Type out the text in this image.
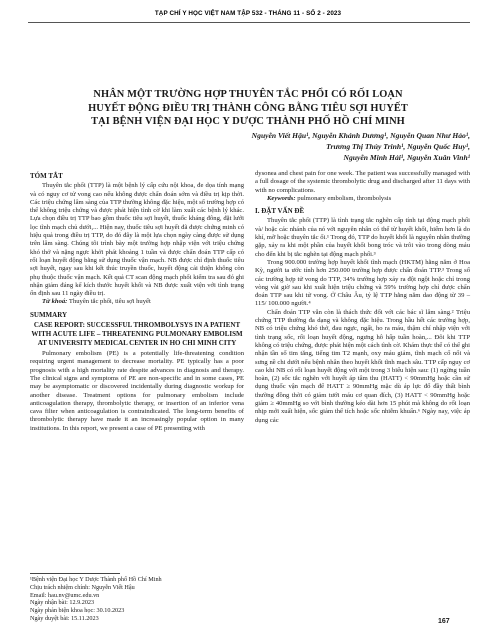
TẠP CHÍ Y HỌC VIỆT NAM TẬP 532 - THÁNG 11 - SỐ 2 - 2023
NHÂN MỘT TRƯỜNG HỢP THUYÊN TẮC PHỔI CÓ RỐI LOẠN
HUYẾT ĐỘNG ĐIỀU TRỊ THÀNH CÔNG BẰNG TIÊU SỢI HUYẾT
TẠI BỆNH VIỆN ĐẠI HỌC Y DƯỢC THÀNH PHỐ HỒ CHÍ MINH
Nguyễn Viết Hậu¹, Nguyễn Khánh Dương¹, Nguyễn Quan Như Hảo¹,
Trương Thị Thúy Trinh¹, Nguyễn Quốc Huy¹,
Nguyễn Minh Hải¹, Nguyễn Xuân Vinh¹
TÓM TẮT

Thuyên tắc phổi (TTP) là một bệnh lý cấp cứu nội khoa, đe dọa tính mạng và có nguy cơ tử vong cao nếu không được chẩn đoán sớm và điều trị kịp thời. Các triệu chứng lâm sàng của TTP thường không đặc hiệu, một số trường hợp có thể không triệu chứng và được phát hiện tình cờ khi làm xuất các bệnh lý khác. Lựa chọn điều trị TTP bao gồm thuốc tiêu sợi huyết, thuốc kháng đông, đặt lưới lọc tĩnh mạch chủ dưới,... Hiện nay, thuốc tiêu sợi huyết đã được chứng minh có hiệu quả trong điều trị TTP, do đó đây là một lựa chọn ngày càng được sử dụng trên lâm sàng. Chúng tôi trình bày một trường hợp nhập viện với triệu chứng khó thở và nặng ngực khởi phát khoảng 1 tuần và được chẩn đoán TTP cấp có rối loạn huyết động bằng sử dụng thuốc vận mạch. NB được chỉ định thuốc tiêu sợi huyết, ngay sau khi kết thúc truyền thuốc, huyết động cải thiện không còn phụ thuộc thuốc vận mạch. Kết quả CT scan động mạch phổi kiểm tra sau đó ghi nhận giảm đáng kể kích thước huyết khối và NB được xuất viện với tình trạng ổn định sau 11 ngày điều trị.

Từ khoá: Thuyên tắc phổi, tiêu sợi huyết

SUMMARY
CASE REPORT: SUCCESSFUL THROMBOLYSYS IN A PATIENT WITH ACUTE LIFE – THREATENING PULMONARY EMBOLISM AT UNIVERSITY MEDICAL CENTER IN HO CHI MINH CITY

Pulmonary embolism (PE) is a potentially life-threatening condition requiring urgent management to decrease mortality. PE typically has a poor prognosis with a high mortality rate despite advances in diagnosis and therapy. The clinical signs and symptoms of PE are non-specific and in some cases, PE may be asymptomatic or discovered incidentally during diagnostic workup for another disease. Treatment options for pulmonary embolism include anticoagulation therapy, thrombolytic therapy, or insertion of an inferior vena cava filter when anticoagulation is contraindicated. The long-term benefits of thrombolytic therapy have made it an increasingly popular option in many institutions. In this report, we present a case of PE presenting with

dysonea and chest pain for one week. The patient was successfully managed with a full dosage of the systemic thrombolytic drug and discharged after 11 days with with no complications.

Keywords: pulmonary embolism, thrombolysis

I. ĐẶT VẤN ĐỀ

Thuyên tắc phổi (TTP) là tình trạng tắc nghẽn cấp tính tại động mạch phổi và/ hoặc các nhánh của nó với nguyên nhân có thể từ huyết khối, hiếm hơn là do khí, mỡ hoặc thuyên tắc ối.¹ Trong đó, TTP do huyết khối là nguyên nhân thường gặp, xảy ra khi một phần của huyết khối bong tróc và trôi vào trong dòng máu cho đến khi bị tắc nghẽn tại động mạch phổi.³

Trong 900.000 trường hợp huyết khối tĩnh mạch (HKTM) hằng năm ở Hoa Kỳ, người ta ước tính hơn 250.000 trường hợp được chẩn đoán TTP.³ Trong số các trường hợp tử vong do TTP, 34% trường hợp xảy ra đột ngột hoặc chỉ trong vòng vài giờ sau khi xuất hiện triệu chứng và 59% trường hợp chỉ được chẩn đoán TTP sau khi tử vong. Ở Châu Âu, tỷ lệ TTP hằng năm dao động từ 39 – 115/ 100.000 người.⁴

Chẩn đoán TTP vẫn còn là thách thức đối với các bác sĩ lâm sàng.² Triệu chứng TTP thường đa dạng và không đặc hiệu. Trong hầu hết các trường hợp, NB có triệu chứng khó thở, đau ngực, ngất, ho ra máu, thậm chí nhập viện với tình trạng sốc, rối loạn huyết động, ngưng hô hấp tuần hoàn,... Đôi khi TTP không có triệu chứng, được phát hiện một cách tình cờ. Khám thực thể có thể ghi nhận tần số tim tăng, tiếng tim T2 mạnh, oxy máu giảm, tĩnh mạch cổ nổi và sưng nề chi dưới nếu bệnh nhân theo huyết khối tĩnh mạch sâu. TTP cấp nguy cơ cao khi NB có rối loạn huyết động với một trong 3 biểu hiện sau: (1) ngừng tuần hoàn, (2) sốc tắc nghẽn với huyết áp tâm thu (HATT) < 90mmHg hoặc cần sử dụng thuốc vận mạch để HATT ≥ 90mmHg mặc dù áp lực đổ đầy thất bình thường đồng thời có giảm tưới máu cơ quan đích, (3) HATT < 90mmHg hoặc giảm ≥ 40mmHg so với bình thường kéo dài hơn 15 phút mà không do rối loạn nhịp mới xuất hiện, sốc giảm thể tích hoặc sốc nhiễm khuẩn.⁶ Ngày nay, việc áp dụng các

¹Bệnh viện Đại học Y Dược Thành phố Hồ Chí Minh
Chịu trách nhiệm chính: Nguyễn Viết Hậu
Email: hau.nv@umc.edu.vn
Ngày nhận bài: 12.9.2023
Ngày phản biện khoa học: 30.10.2023
Ngày duyệt bài: 15.11.2023	167
